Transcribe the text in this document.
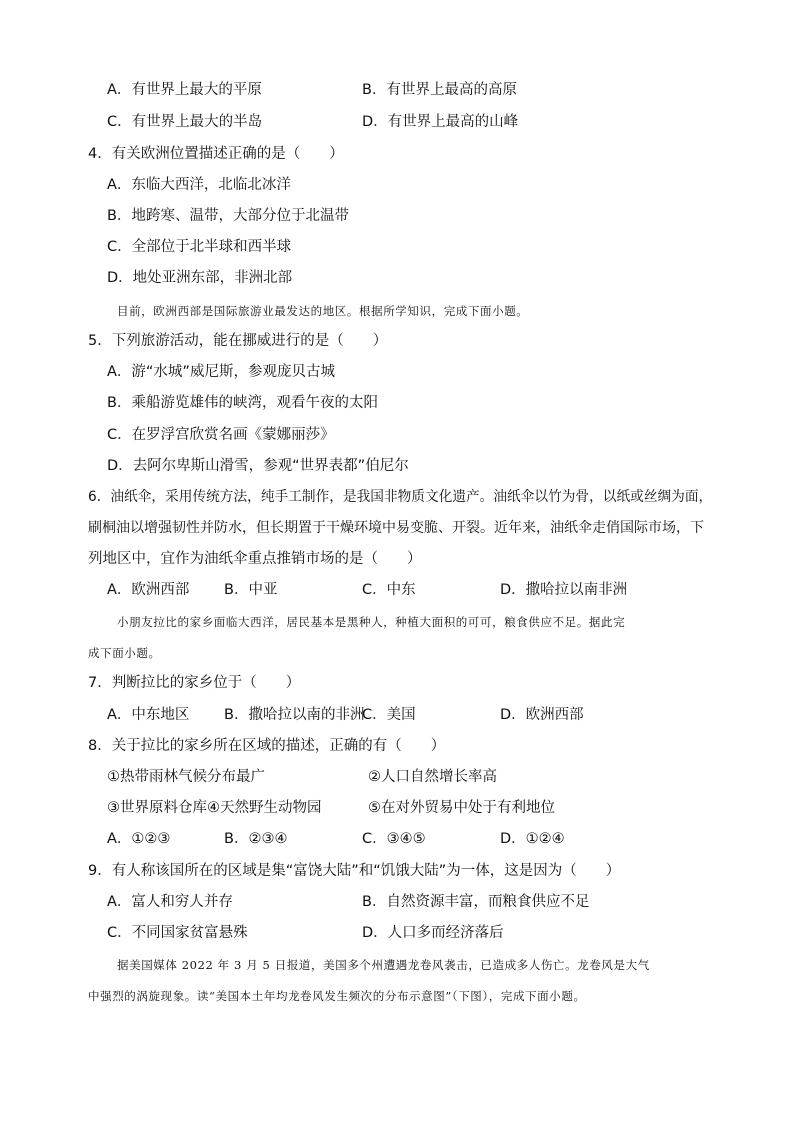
A．有世界上最大的平原	B．有世界上最高的高原
C．有世界上最大的半岛	D．有世界上最高的山峰
4．有关欧洲位置描述正确的是（　　）
A．东临大西洋，北临北冰洋
B．地跨寒、温带，大部分位于北温带
C．全部位于北半球和西半球
D．地处亚洲东部，非洲北部
目前，欧洲西部是国际旅游业最发达的地区。根据所学知识，完成下面小题。
5．下列旅游活动，能在挪威进行的是（　　）
A．游“水城”威尼斯，参观庞贝古城
B．乘船游览雄伟的峡湾，观看午夜的太阳
C．在罗浮宫欣赏名画《蒙娜丽莎》
D．去阿尔卑斯山滑雪，参观“世界表都”伯尼尔
6．油纸伞，采用传统方法，纯手工制作，是我国非物质文化遗产。油纸伞以竹为骨，以纸或丝绸为面，
刷桐油以增强韧性并防水，但长期置于干燥环境中易变脆、开裂。近年来，油纸伞走俏国际市场，下
列地区中，宜作为油纸伞重点推销市场的是（　　）
A．欧洲西部 B．中亚	C．中东	D．撒哈拉以南非洲
小朋友拉比的家乡面临大西洋，居民基本是黑种人，种植大面积的可可，粮食供应不足。据此完
成下面小题。
7．判断拉比的家乡位于（　　）
A．中东地区 B．撒哈拉以南的非洲
C．美国	D．欧洲西部
8．关于拉比的家乡所在区域的描述，正确的有（　　）
①热带雨林气候分布最广	②人口自然增长率高
③世界原料仓库④天然野生动物园	⑤在对外贸易中处于有利地位
A．①②③	B．②③④	C．③④⑤	D．①②④
9．有人称该国所在的区域是集“富饶大陆”和“饥饿大陆”为一体，这是因为（　　）
A．富人和穷人并存	B．自然资源丰富，而粮食供应不足
C．不同国家贫富悬殊	D．人口多而经济落后
据美国媒体 2022 年 3 月 5 日报道，美国多个州遭遇龙卷风袭击，已造成多人伤亡。龙卷风是大气
中强烈的涡旋现象。读“美国本土年均龙卷风发生频次的分布示意图”（下图），完成下面小题。
